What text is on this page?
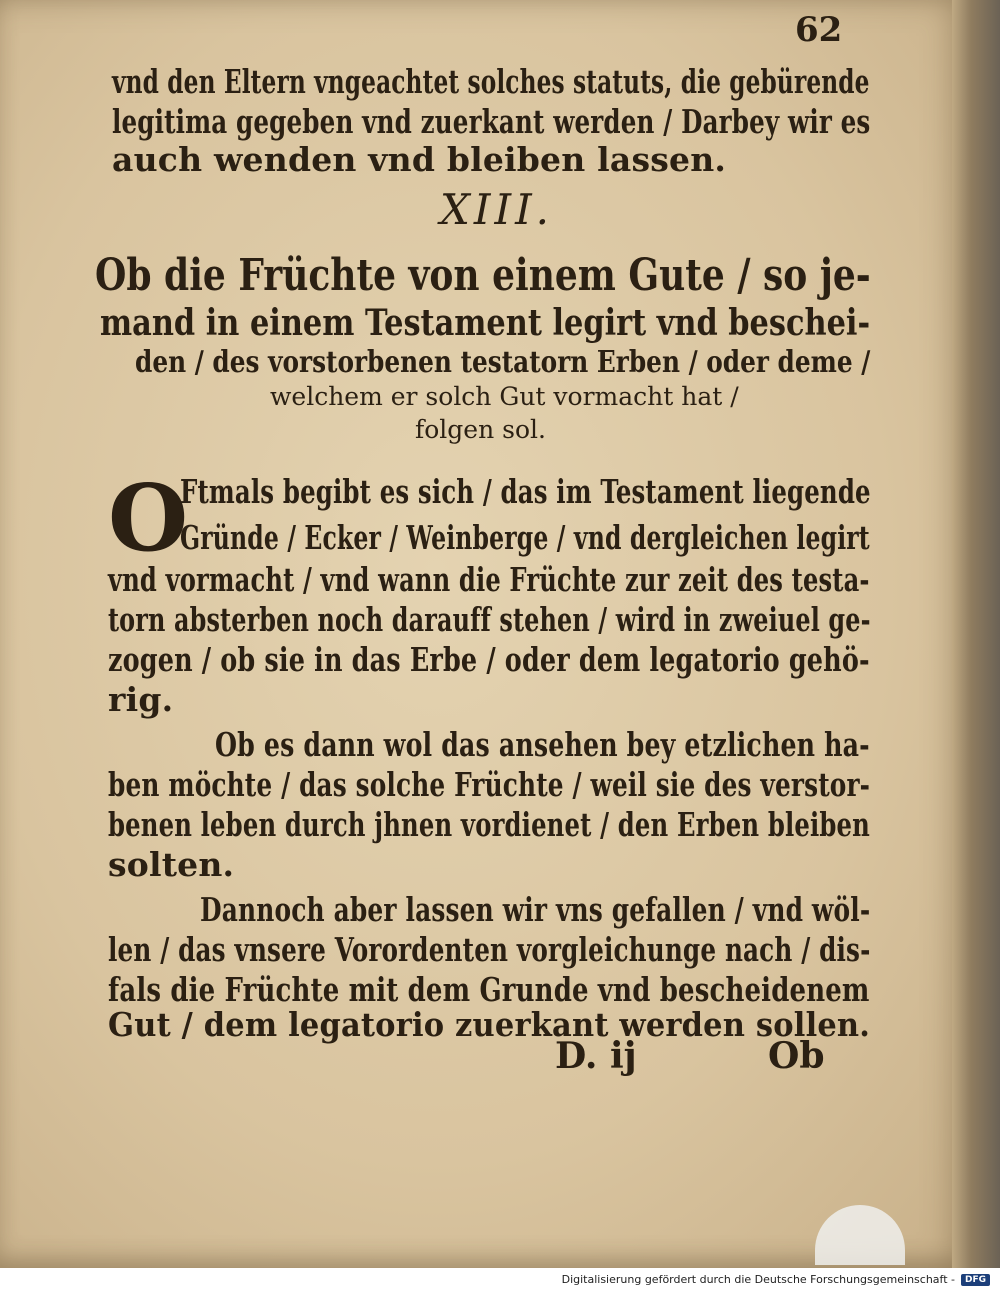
62
vnd den Eltern vngeachtet solches statuts, die gebürende
legitima gegeben vnd zuerkant werden / Darbey wir es
auch wenden vnd bleiben lassen.
XIII.
Ob die Früchte von einem Gute / so je-
mand in einem Testament legirt vnd beschei-
den / des vorstorbenen testatorn Erben / oder deme /
welchem er solch Gut vormacht hat /
folgen sol.
O
Ftmals begibt es sich / das im Testament liegende
Gründe / Ecker / Weinberge / vnd dergleichen legirt
vnd vormacht / vnd wann die Früchte zur zeit des testa-
torn absterben noch darauff stehen / wird in zweiuel ge-
zogen / ob sie in das Erbe / oder dem legatorio gehö-
rig.
Ob es dann wol das ansehen bey etzlichen ha-
ben möchte / das solche Früchte / weil sie des verstor-
benen leben durch jhnen vordienet / den Erben bleiben
solten.
Dannoch aber lassen wir vns gefallen / vnd wöl-
len / das vnsere Vorordenten vorgleichunge nach / dis-
fals die Früchte mit dem Grunde vnd bescheidenem
Gut / dem legatorio zuerkant werden sollen.
D. ij	Ob
Digitalisierung gefördert durch die Deutsche Forschungsgemeinschaft -	DFG
